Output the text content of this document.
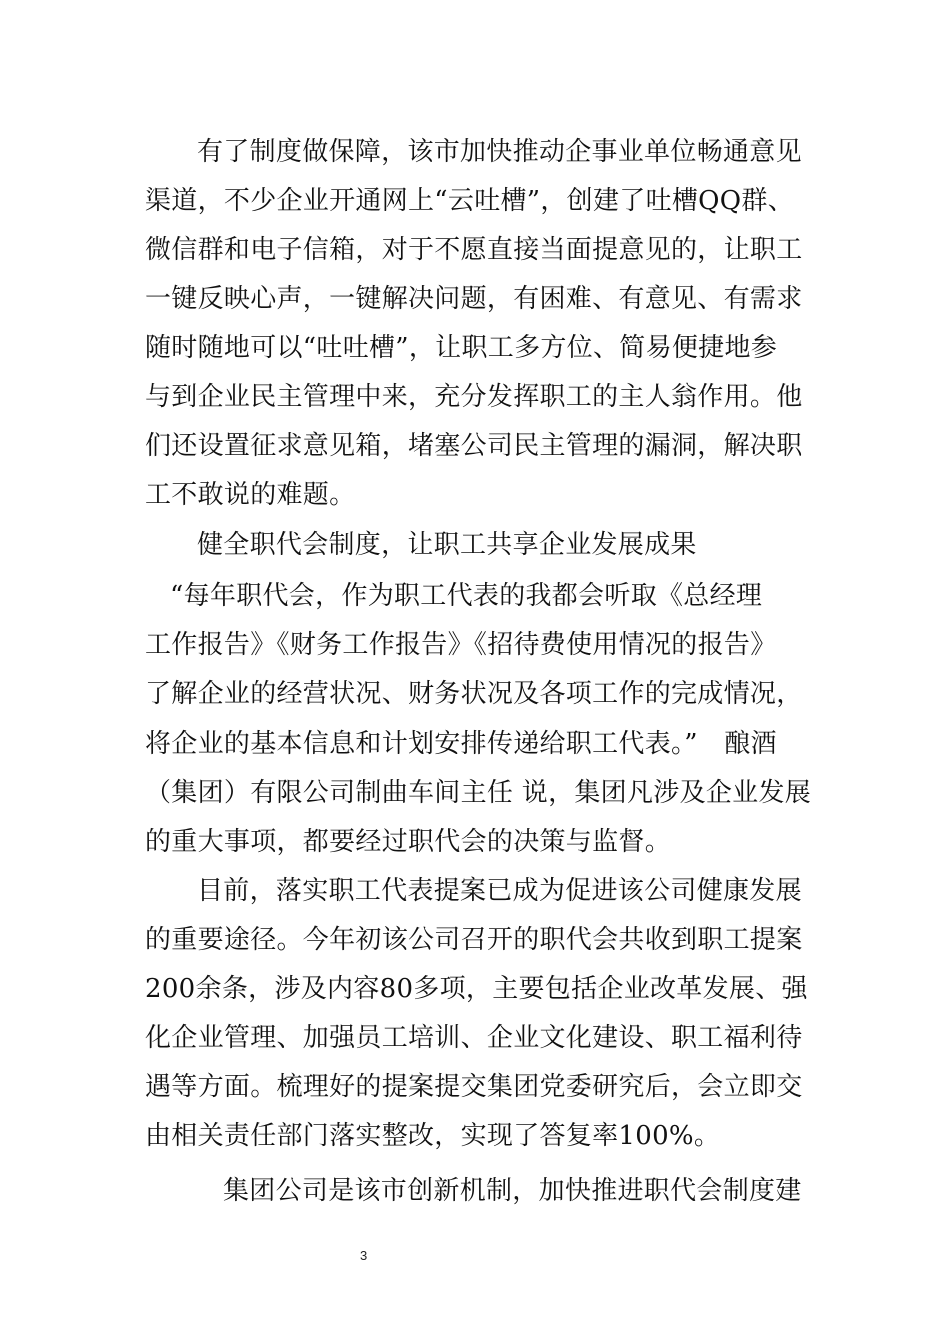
有了制度做保障，该市加快推动企事业单位畅通意见
渠道，不少企业开通网上“云吐槽”，创建了吐槽QQ群、
微信群和电子信箱，对于不愿直接当面提意见的，让职工
一键反映心声，一键解决问题，有困难、有意见、有需求
随时随地可以“吐吐槽”，让职工多方位、简易便捷地参
与到企业民主管理中来，充分发挥职工的主人翁作用。他
们还设置征求意见箱，堵塞公司民主管理的漏洞，解决职
工不敢说的难题。
健全职代会制度，让职工共享企业发展成果
“每年职代会，作为职工代表的我都会听取《总经理
工作报告》《财务工作报告》《招待费使用情况的报告》
了解企业的经营状况、财务状况及各项工作的完成情况，
将企业的基本信息和计划安排传递给职工代表。”　酿酒
（集团）有限公司制曲车间主任 说，集团凡涉及企业发展
的重大事项，都要经过职代会的决策与监督。
目前，落实职工代表提案已成为促进该公司健康发展
的重要途径。今年初该公司召开的职代会共收到职工提案
200余条，涉及内容80多项，主要包括企业改革发展、强
化企业管理、加强员工培训、企业文化建设、职工福利待
遇等方面。梳理好的提案提交集团党委研究后，会立即交
由相关责任部门落实整改，实现了答复率100%。
集团公司是该市创新机制，加快推进职代会制度建
3
